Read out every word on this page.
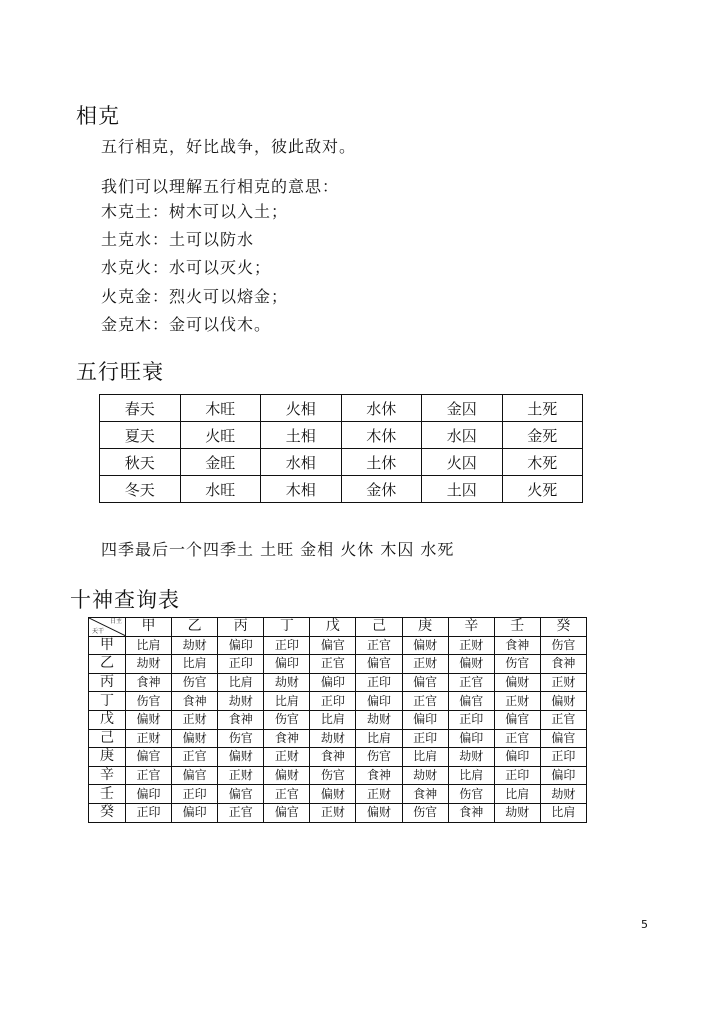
相克
五行相克，好比战争，彼此敌对。
我们可以理解五行相克的意思：
木克土：树木可以入土；
土克水：土可以防水
水克火：水可以灭火；
火克金：烈火可以熔金；
金克木：金可以伐木。
五行旺衰
春天	木旺	火相	水休	金囚	土死
夏天	火旺	土相	木休	水囚	金死
秋天	金旺	水相	土休	火囚	木死
冬天	水旺	木相	金休	土囚	火死
四季最后一个四季土 土旺 金相 火休 木囚 水死
十神查询表
日主
天干	甲	乙	丙	丁	戊	己	庚	辛	壬	癸
甲	比肩	劫财	偏印	正印	偏官	正官	偏财	正财	食神	伤官
乙	劫财	比肩	正印	偏印	正官	偏官	正财	偏财	伤官	食神
丙	食神	伤官	比肩	劫财	偏印	正印	偏官	正官	偏财	正财
丁	伤官	食神	劫财	比肩	正印	偏印	正官	偏官	正财	偏财
戊	偏财	正财	食神	伤官	比肩	劫财	偏印	正印	偏官	正官
己	正财	偏财	伤官	食神	劫财	比肩	正印	偏印	正官	偏官
庚	偏官	正官	偏财	正财	食神	伤官	比肩	劫财	偏印	正印
辛	正官	偏官	正财	偏财	伤官	食神	劫财	比肩	正印	偏印
壬	偏印	正印	偏官	正官	偏财	正财	食神	伤官	比肩	劫财
癸	正印	偏印	正官	偏官	正财	偏财	伤官	食神	劫财	比肩
5
